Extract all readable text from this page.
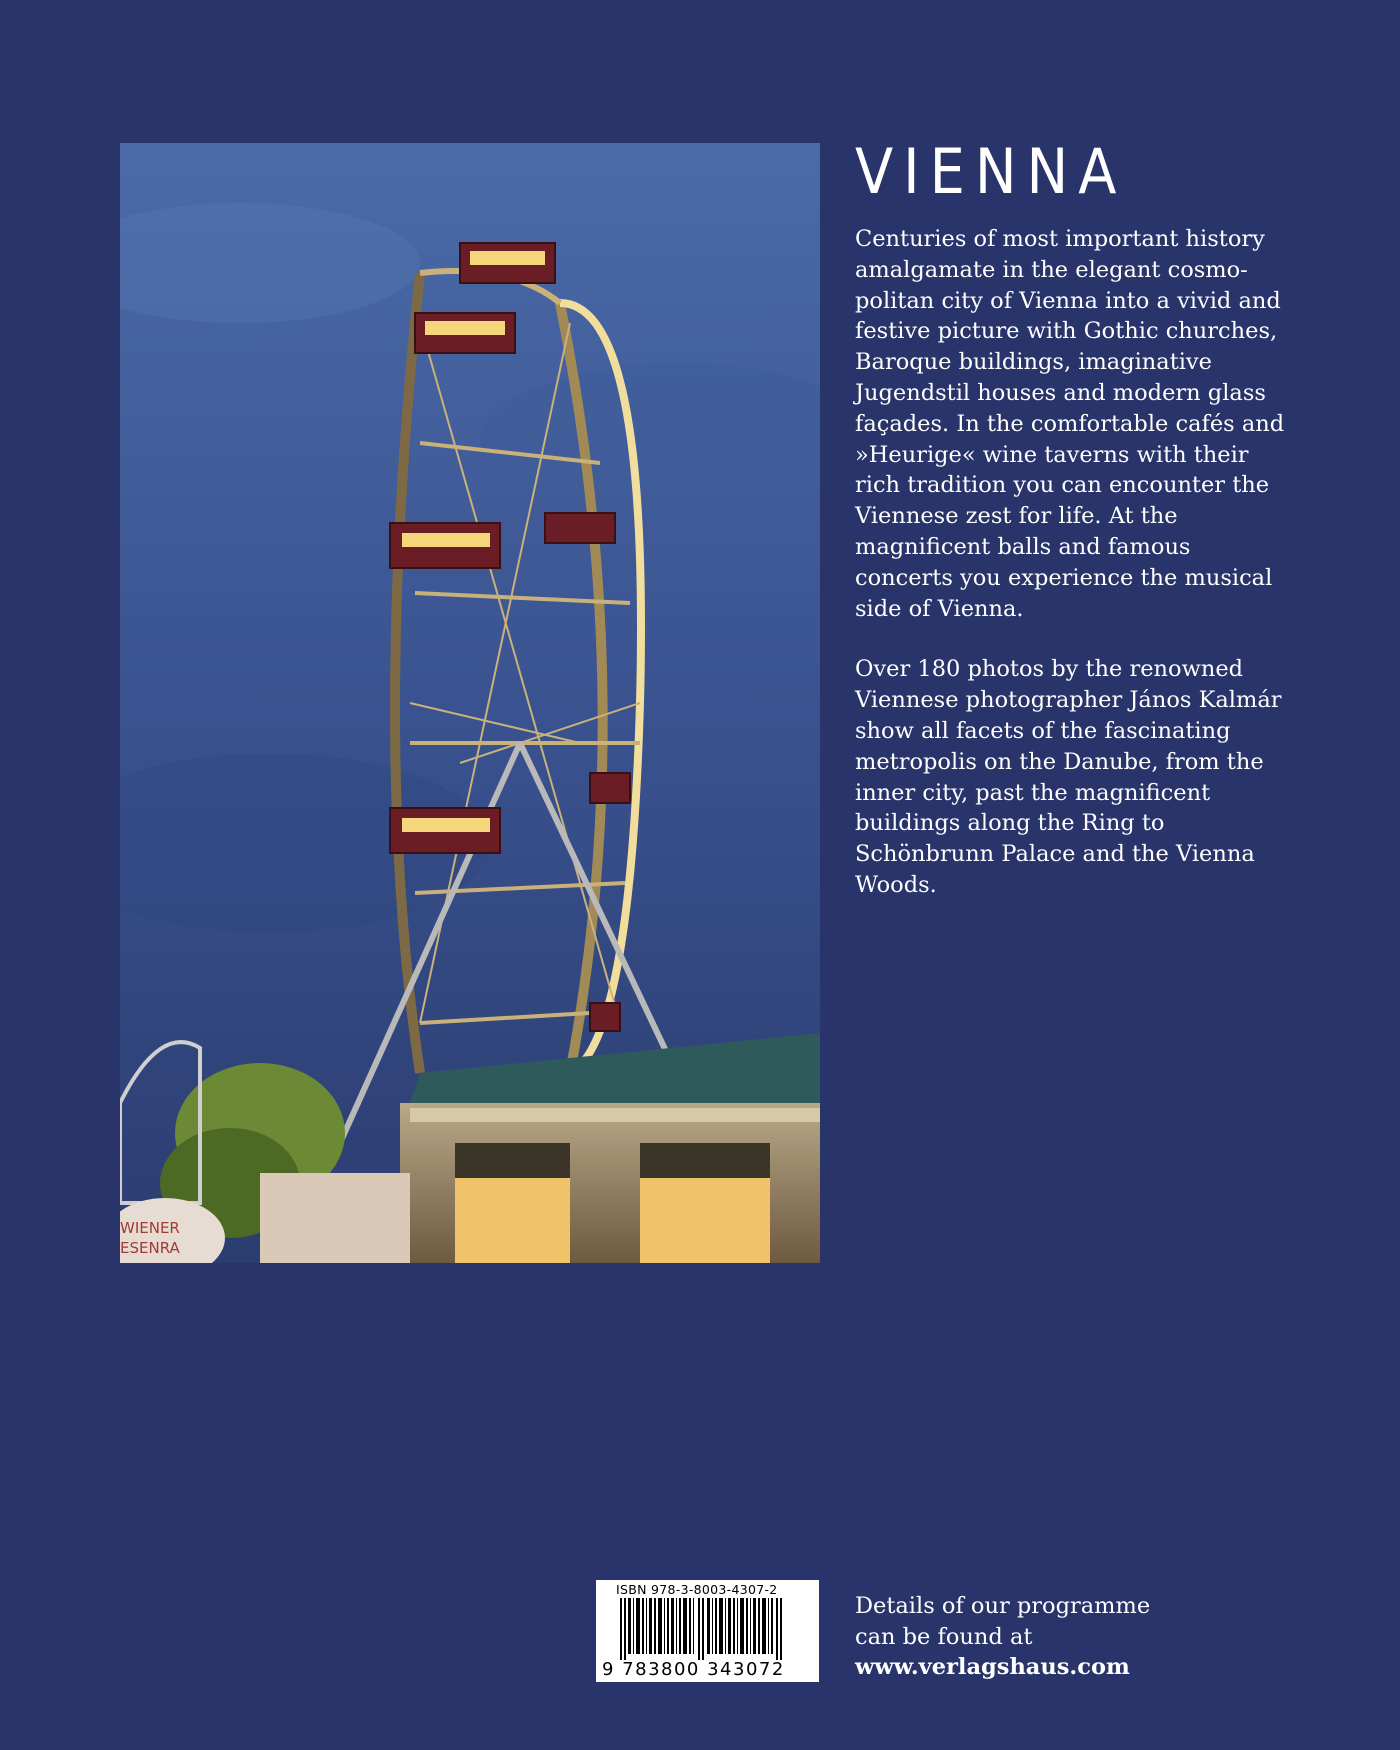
WIENER
ESENRA
VIENNA

Centuries of most important history amalgamate in the elegant cosmo-politan city of Vienna into a vivid and festive picture with Gothic churches, Baroque buildings, imaginative Jugendstil houses and modern glass façades. In the comfortable cafés and »Heurige« wine taverns with their rich tradition you can encounter the Viennese zest for life. At the magnificent balls and famous concerts you experience the musical side of Vienna.

Over 180 photos by the renowned Viennese photographer János Kalmár show all facets of the fascinating metropolis on the Danube, from the inner city, past the magnificent buildings along the Ring to Schönbrunn Palace and the Vienna Woods.

ISBN 978-3-8003-4307-2
9 783800 343072
Details of our programme
can be found at
www.verlagshaus.com
